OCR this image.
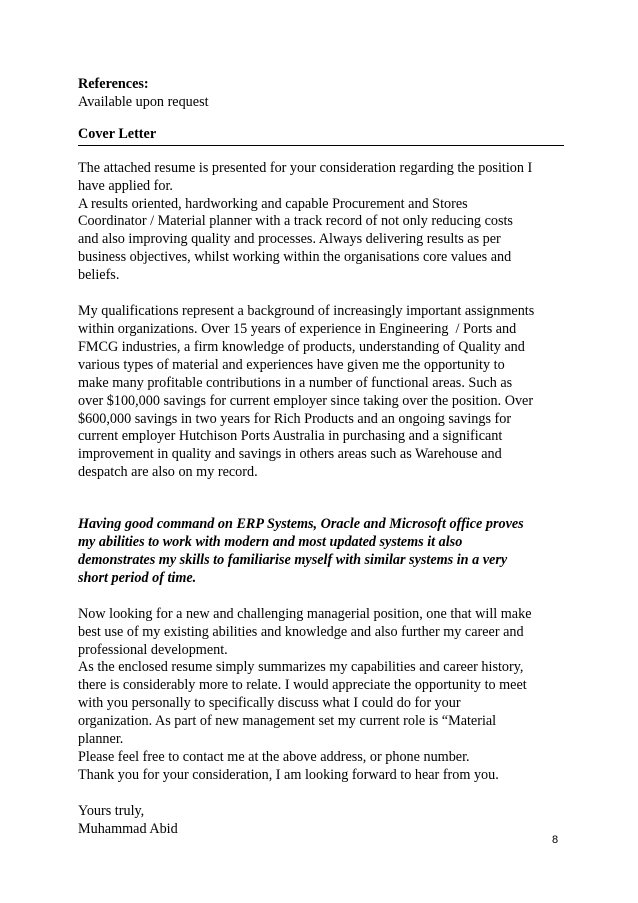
References:
Available upon request
Cover Letter
The attached resume is presented for your consideration regarding the position I
have applied for.
A results oriented, hardworking and capable Procurement and Stores
Coordinator / Material planner with a track record of not only reducing costs
and also improving quality and processes. Always delivering results as per
business objectives, whilst working within the organisations core values and
beliefs.
My qualifications represent a background of increasingly important assignments
within organizations. Over 15 years of experience in Engineering  / Ports and
FMCG industries, a firm knowledge of products, understanding of Quality and
various types of material and experiences have given me the opportunity to
make many profitable contributions in a number of functional areas. Such as
over $100,000 savings for current employer since taking over the position. Over
$600,000 savings in two years for Rich Products and an ongoing savings for
current employer Hutchison Ports Australia in purchasing and a significant
improvement in quality and savings in others areas such as Warehouse and
despatch are also on my record.
Having good command on ERP Systems, Oracle and Microsoft office proves
my abilities to work with modern and most updated systems it also
demonstrates my skills to familiarise myself with similar systems in a very
short period of time.
Now looking for a new and challenging managerial position, one that will make
best use of my existing abilities and knowledge and also further my career and
professional development.
As the enclosed resume simply summarizes my capabilities and career history,
there is considerably more to relate. I would appreciate the opportunity to meet
with you personally to specifically discuss what I could do for your
organization. As part of new management set my current role is “Material
planner.
Please feel free to contact me at the above address, or phone number.
Thank you for your consideration, I am looking forward to hear from you.
Yours truly,
Muhammad Abid
8
